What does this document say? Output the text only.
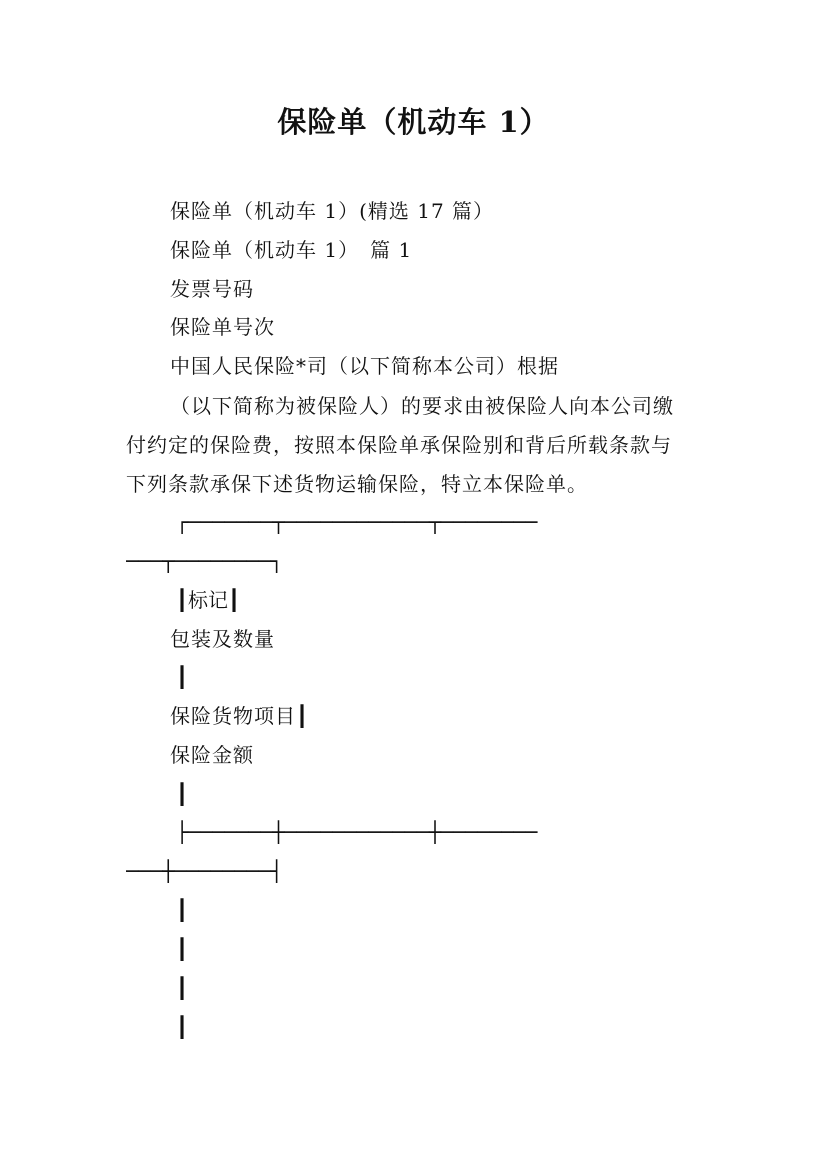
保险单（机动车 1）
保险单（机动车 1）(精选 17 篇）
保险单（机动车 1）　篇 1
发票号码
保险单号次
中国人民保险*司（以下简称本公司）根据
（以下简称为被保险人）的要求由被保险人向本公司缴
付约定的保险费，按照本保险单承保险别和背后所载条款与
下列条款承保下述货物运输保险，特立本保险单。
┌───────┬────────────┬────────
───┬────────┐
┃标记┃
包装及数量
┃
保险货物项目┃
保险金额
┃
├───────┼────────────┼────────
───┼────────┤
┃
┃
┃
┃
